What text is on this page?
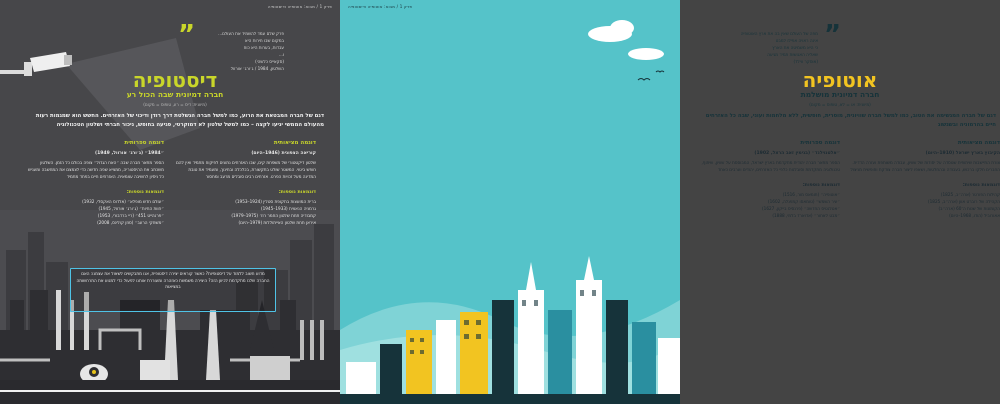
פרק 1 / מבוא: אוטופיה ודיסטופיה
”	פרק שלם עמד להשמיד את העולם...
במקום שבו חירות היא
עבדות, בערות היא כוח
ו...
(סקאייס כלשהי)
השלטון, 1984 / ג׳ורג׳ אורוול
דיסטופיה
חברה דמיונית שבה הכול רע
(מיוונית: דיס = רע, טופוס = מקום)
דגם של חברה המבטאת את הרוע, כמו למשל חברה הנשלטת דרך רודן ודיכוי של האזרחים. החשש הוא שמגמות רעות מהעולם הממשי יגיעו לקצה – כמו למשל שלטון לא דמוקרטי, פגיעה בחופש, ניכור חברתי ושלטון הטכנולוגיה
דוגמה מציאותית
קוריאה הצפונית (1946–היום)

שלטון דיקטטורי של משפחת קים, שבו האזרחים נתונים לפיקוח מתמיד ואין להם חופש ביטוי. המשטר שולט בתקשורת, בכלכלה ובחינוך, ומעמיד את טובת המדינה מעל זכויות הפרט. אזרחים רבים סובלים מרעב ומחסור

דוגמאות נוספות:
ברית המועצות בתקופת סטלין (1924–1953)
גרמניה הנאצית (1933–1945)
קמבודיה תחת שלטון החמר רוז׳ (1975–1979)
איראן תחת שלטון האייתוללות (1979–היום)
דוגמה ספרותית
״1984״ (ג׳ורג׳ אורוול, 1949)

הספר מתאר חברה שבה ״האח הגדול״ צופה בכולם כל הזמן. השלטון משכתב את ההיסטוריה, ממציא שפה חדשה כדי לצמצם את המחשבה ומעניש כל ניסיון לחשיבה עצמאית. האזרחים חיים בפחד מתמיד

דוגמאות נוספות:
״עולם חדש מופלא״ (אלדוס האקסלי, 1932)
״חוות החיות״ (ג׳ורג׳ אורוול, 1945)
״פרנהייט 451״ (ריי ברדבורי, 1953)
״משחקי הרעב״ (סוזן קולינס, 2008)
מדוע חשוב ללמוד על דיסטופיות? כאשר קוראים יצירה דיסטופית, אנו מתבקשים לשאול את עצמנו: האם החברה שלנו מתקדמת לכיוון הזה? היצירה משמשת כאזהרה ומעוררת אותנו לפעול כדי למנוע את התרחשותה במציאות
פרק 1 / מבוא: אוטופיה ודיסטופיה
”
מפה של העולם שאין בה את ארץ האוטופיה
אינה ראויה אפילו למבט
כי היא משמיטה את הארץ
שאליה האנושות תמיד מגיעה
(אוסקר ווילד)
אוטופיה
חברה דמיונית מושלמת
(מיוונית: או = לא, טופוס = מקום)
דגם של חברה המגשימה את הטוב, כמו למשל חברה שוויונית, מוסרית, חופשית, ללא מלחמות ועוני, שבה כל האזרחים חיים בהרמוניה ובשגשוג
דוגמה מציאותית
הקיבוץ בארץ ישראל (1910–היום)

צורת התיישבות שיתופית שנוסדה על יסודות של שוויון, עבודה משותפת ועזרה הדדית. החברים חלקו ברכוש, בעבודה ובהחלטות, ושאפו ליצור חברה צודקת וחופשית מניצול

דוגמאות נוספות:
קהילות הפורטר (ארה״ב, 1825)
הקהילה של רוברט אוון (ארה״ב, 1825)
הקומונות של שנות ה־60 (ארה״ב)
אאורוביל (הודו, 1968–היום)
דוגמה ספרותית
״אלטנוילנד״ (בנימין זאב הרצל, 1902)

הספר מתאר חברה יהודית מתקדמת בארץ ישראל, המבוססת על שוויון, שיתוף, טכנולוגיה מתקדמת וסובלנות כלפי כל האזרחים, יהודים וערבים כאחד

דוגמאות נוספות:
״אוטופיה״ (תומאס מור, 1516)
״עיר השמש״ (טומאסו קמפנלה, 1602)
״אטלנטיס החדשה״ (פרנסיס בייקון, 1627)
״מבט לאחור״ (אדוארד בלמי, 1888)
